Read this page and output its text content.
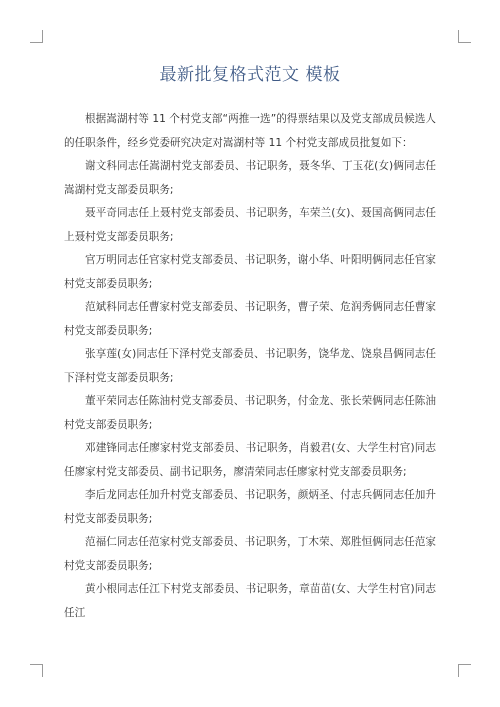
最新批复格式范文 模板

根据嵩湖村等 11 个村党支部“两推一选”的得票结果以及党支部成员候选人的任职条件，经乡党委研究决定对嵩湖村等 11 个村党支部成员批复如下：

谢文科同志任嵩湖村党支部委员、书记职务，聂冬华、丁玉花(女)俩同志任嵩湖村党支部委员职务;

聂平奇同志任上聂村党支部委员、书记职务，车荣兰(女)、聂国高俩同志任上聂村党支部委员职务;

官万明同志任官家村党支部委员、书记职务，谢小华、叶阳明俩同志任官家村党支部委员职务;

范斌科同志任曹家村党支部委员、书记职务，曹子荣、危润秀俩同志任曹家村党支部委员职务;

张享莲(女)同志任下泽村党支部委员、书记职务，饶华龙、饶泉昌俩同志任下泽村党支部委员职务;

董平荣同志任陈油村党支部委员、书记职务，付金龙、张长荣俩同志任陈油村党支部委员职务;

邓建锋同志任廖家村党支部委员、书记职务，肖毅君(女、大学生村官)同志任廖家村党支部委员、副书记职务，廖清荣同志任廖家村党支部委员职务;

李后龙同志任加升村党支部委员、书记职务，颜炳圣、付志兵俩同志任加升村党支部委员职务;

范福仁同志任范家村党支部委员、书记职务，丁木荣、郑胜恒俩同志任范家村党支部委员职务;

黄小根同志任江下村党支部委员、书记职务，章苗苗(女、大学生村官)同志任江
